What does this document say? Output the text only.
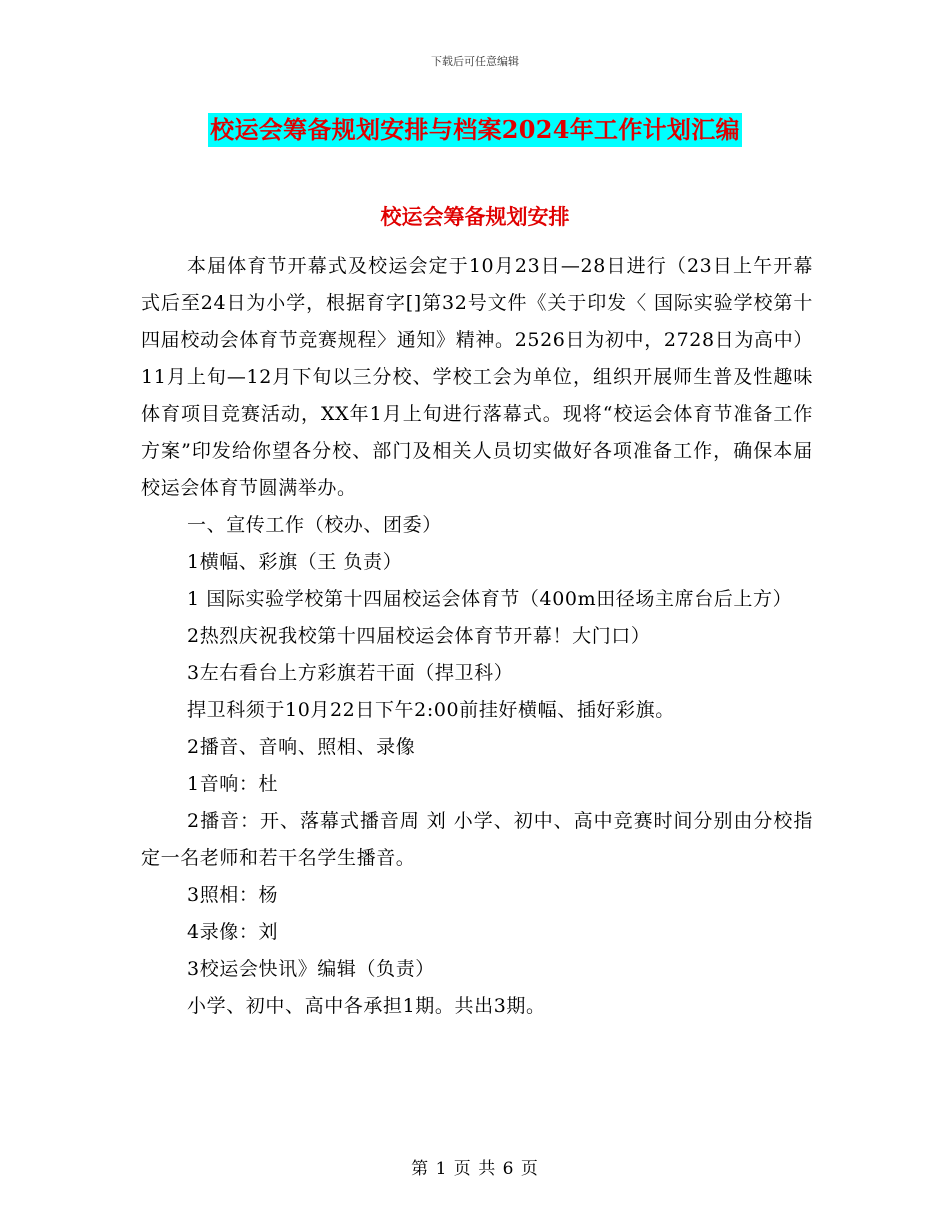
下载后可任意编辑
校运会筹备规划安排与档案2024年工作计划汇编
校运会筹备规划安排

本届体育节开幕式及校运会定于10月23日—28日进行（23日上午开幕式后至24日为小学，根据育字[]第32号文件《关于印发〈 国际实验学校第十四届校动会体育节竞赛规程〉通知》精神。2526日为初中，2728日为高中）11月上旬—12月下旬以三分校、学校工会为单位，组织开展师生普及性趣味体育项目竞赛活动，XX年1月上旬进行落幕式。现将“校运会体育节准备工作方案”印发给你望各分校、部门及相关人员切实做好各项准备工作，确保本届校运会体育节圆满举办。

一、宣传工作（校办、团委）

1横幅、彩旗（王 负责）

1 国际实验学校第十四届校运会体育节（400m田径场主席台后上方）

2热烈庆祝我校第十四届校运会体育节开幕！大门口）

3左右看台上方彩旗若干面（捍卫科）

捍卫科须于10月22日下午2:00前挂好横幅、插好彩旗。

2播音、音响、照相、录像

1音响：杜

2播音：开、落幕式播音周 刘 小学、初中、高中竞赛时间分别由分校指定一名老师和若干名学生播音。

3照相：杨

4录像：刘

3校运会快讯》编辑（负责）

小学、初中、高中各承担1期。共出3期。

第 1 页 共 6 页
